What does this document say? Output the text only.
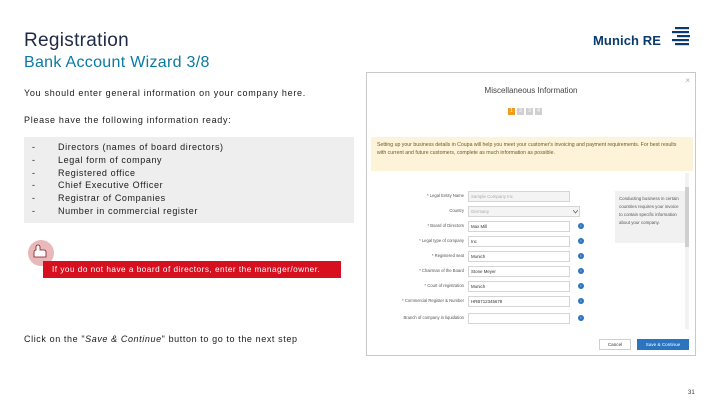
Registration
Bank Account Wizard 3/8
Munich RE
You should enter general information on your company here.
Please have the following information ready:
-	Directors (names of board directors)
-	Legal form of company
-	Registered office
-	Chief Executive Officer
-	Registrar of Companies
-	Number in commercial register
If you do not have a board of directors, enter the manager/owner.
Click on the "Save & Continue" button to go to the next step
31
×
Miscellaneous Information
1	2	3	4
Setting up your business details in Coupa will help you meet your customer's invoicing and payment requirements. For best results with current and future customers, complete as much information as possible.
* Legal Entity Name	Sample Company Inc
Country	Germany
* Board of Directors	Max Mill	i
* Legal type of company	Inc	i
* Registered seat	Munich	i
* Chairman of the Board	Stone Meyer	i
* Court of registration	Munich	i
* Commercial Register & Number	HRB712345678	i
Branch of company in liquidation	i
Conducting business in certain countries requires your invoice to contain specific information about your company.
Cancel	Save & Continue
